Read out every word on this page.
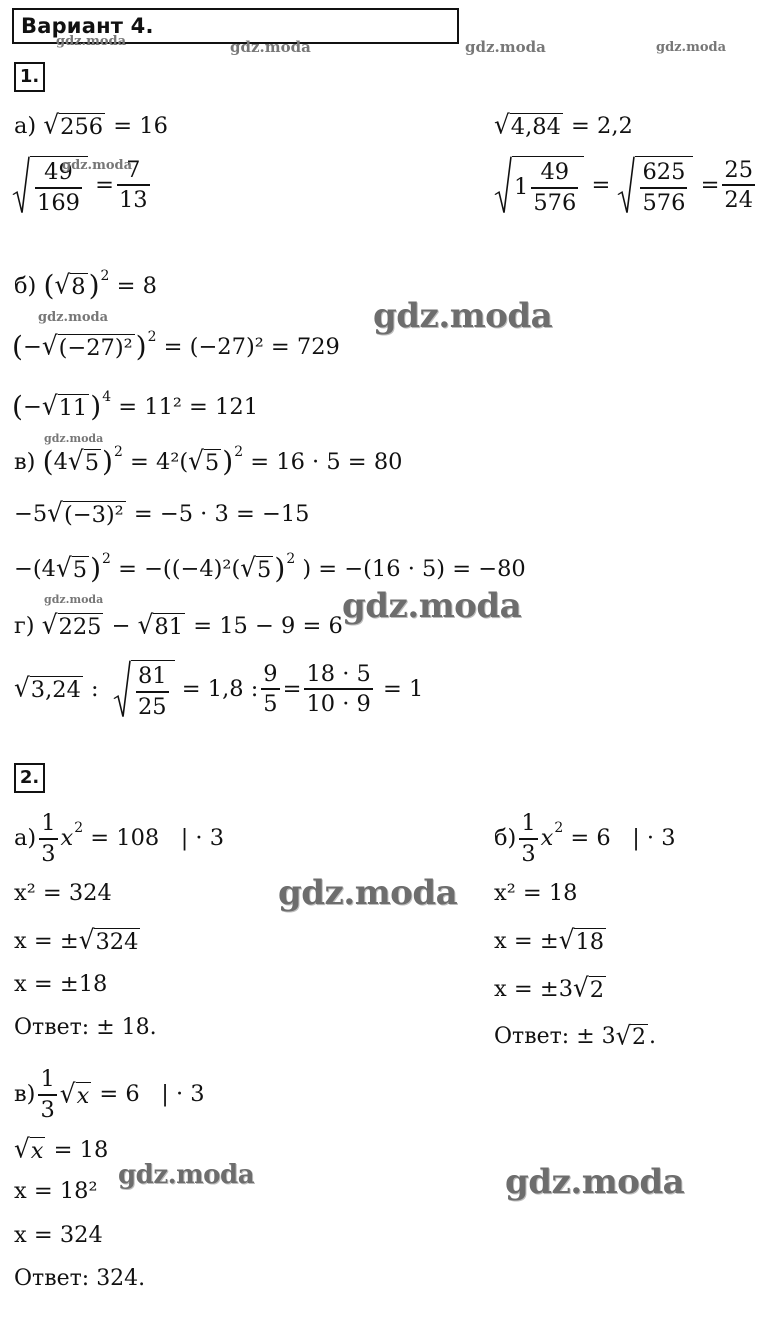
Вариант 4.
1.
а)
√ 256
= 16
49
169

= $\frac{7}{13}$
√ 4,84
= 2,2
1
49
576

=
625
576

= $\frac{25}{24}$
б)
( √ 8 ) 2
= 8
( − √ (−27)² ) 2
= (−27)² = 729
( − √ 11 ) 4
= 11² = 121
в)
( 4 √ 5 ) 2
= 4²( √ 5 ) 2
= 16 · 5 = 80
−5 √ (−3)²
= −5 · 3 = −15
−(4 √ 5 ) 2
= −((−4)²( √ 5 ) 2
) = −(16 · 5) = −80
г)
√ 225
−
√ 81
= 15 − 9 = 6
√ 3,24
:
81
25

= 1,8 : $\frac{9}{5} = \frac{18 \cdot 5}{10 \cdot 9}$
= 1
2.
а)
1
3
x 2
= 108
| · 3
x² = 324
x = ± √ 324
x = ±18
Ответ: ± 18.
б)
1
3
x 2
= 6
| · 3
x² = 18
x = ± √ 18
x = ±3 √ 2
Ответ: ± 3 √ 2 .
в)
1
3
√ x
= 6
| · 3
√ x
= 18
x = 18²
x = 324
Ответ: 324.
gdz.moda	gdz.moda	gdz.moda	gdz.moda
gdz.moda
gdz.moda	gdz.moda
gdz.moda
gdz.moda	gdz.moda
gdz.moda
gdz.moda	gdz.moda
